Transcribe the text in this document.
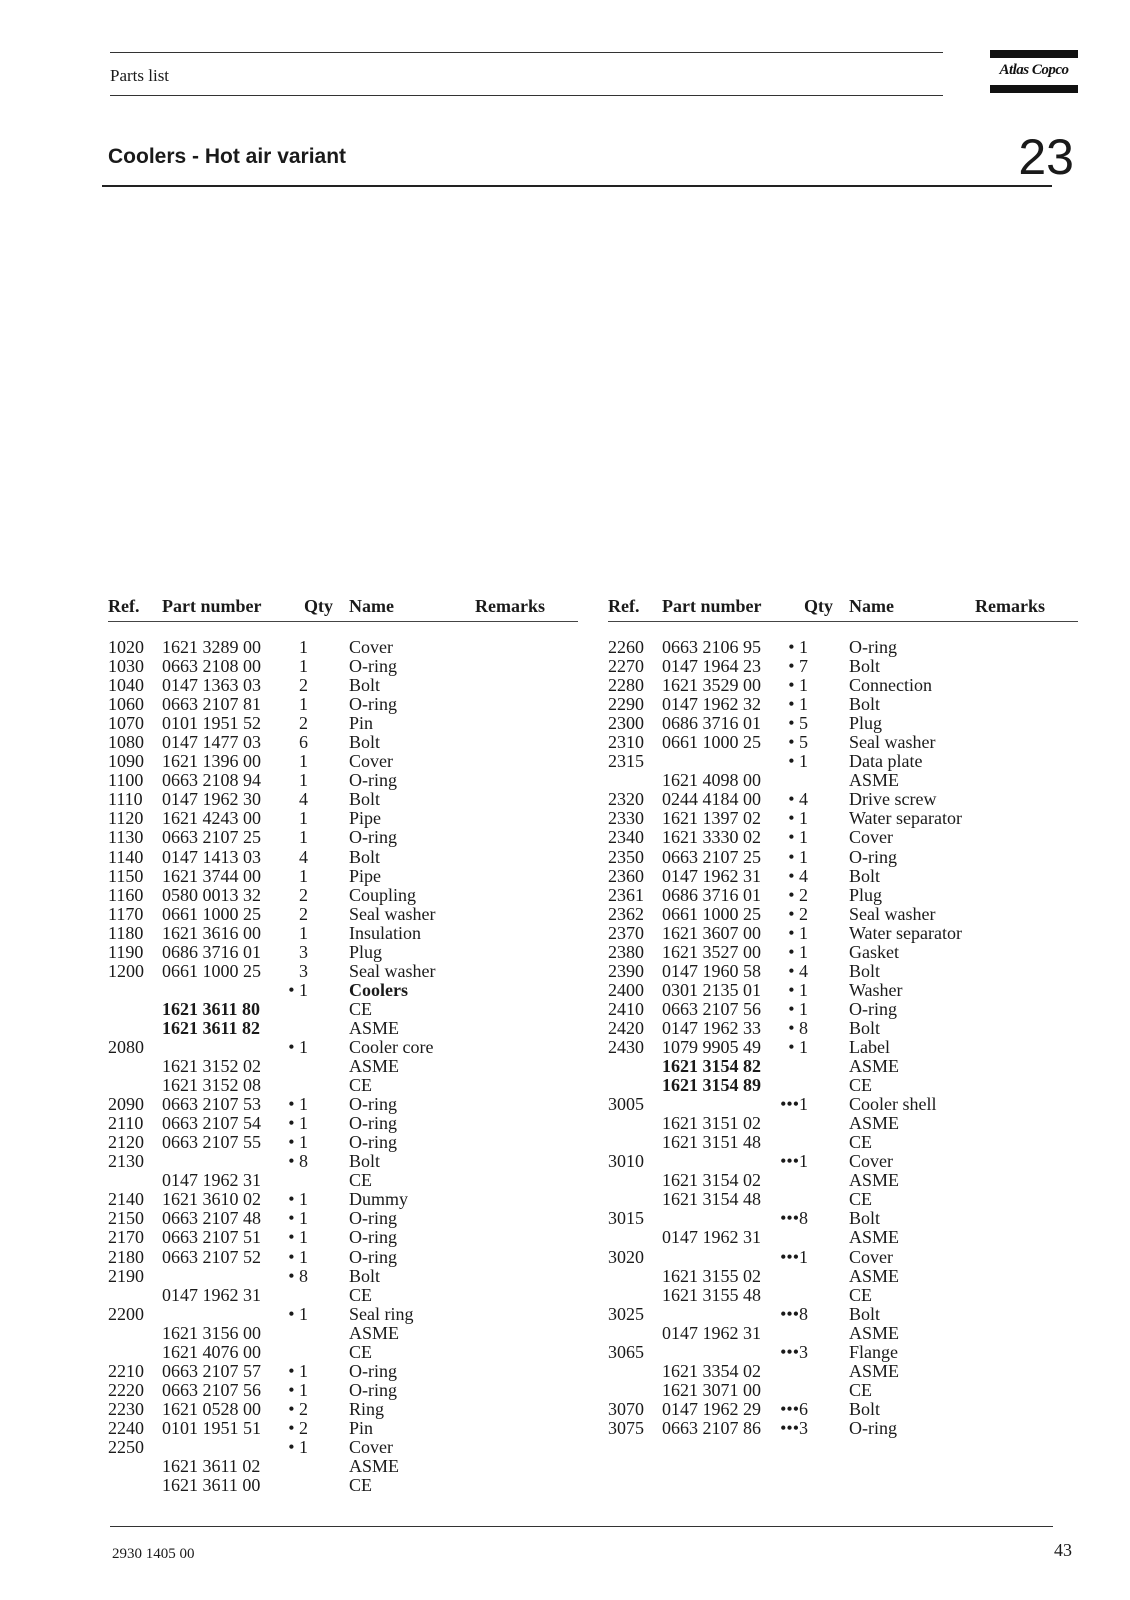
Parts list	Atlas Copco
Coolers - Hot air variant	23
Ref. Part number Qty Name	Remarks
1020 1621 3289 00	1 Cover
1030 0663 2108 00	1 O-ring
1040 0147 1363 03	2 Bolt
1060 0663 2107 81	1 O-ring
1070 0101 1951 52	2 Pin
1080 0147 1477 03	6 Bolt
1090 1621 1396 00	1 Cover
1100 0663 2108 94	1 O-ring
1110 0147 1962 30	4 Bolt
1120 1621 4243 00	1 Pipe
1130 0663 2107 25	1 O-ring
1140 0147 1413 03	4 Bolt
1150 1621 3744 00	1 Pipe
1160 0580 0013 32	2 Coupling
1170 0661 1000 25	2 Seal washer
1180 1621 3616 00	1 Insulation
1190 0686 3716 01	3 Plug
1200 0661 1000 25	3 Seal washer
• 1 Coolers
1621 3611 80	CE
1621 3611 82	ASME
2080	• 1 Cooler core
1621 3152 02	ASME
1621 3152 08	CE
2090 0663 2107 53	• 1 O-ring
2110 0663 2107 54	• 1 O-ring
2120 0663 2107 55	• 1 O-ring
2130	• 8 Bolt
0147 1962 31	CE
2140 1621 3610 02	• 1 Dummy
2150 0663 2107 48	• 1 O-ring
2170 0663 2107 51	• 1 O-ring
2180 0663 2107 52	• 1 O-ring
2190	• 8 Bolt
0147 1962 31	CE
2200	• 1 Seal ring
1621 3156 00	ASME
1621 4076 00	CE
2210 0663 2107 57	• 1 O-ring
2220 0663 2107 56	• 1 O-ring
2230 1621 0528 00	• 2 Ring
2240 0101 1951 51	• 2 Pin
2250	• 1 Cover
1621 3611 02	ASME
1621 3611 00	CE
Ref. Part number Qty Name	Remarks
2260 0663 2106 95	• 1 O-ring
2270 0147 1964 23	• 7 Bolt
2280 1621 3529 00	• 1 Connection
2290 0147 1962 32	• 1 Bolt
2300 0686 3716 01	• 5 Plug
2310 0661 1000 25	• 5 Seal washer
2315	• 1 Data plate
1621 4098 00	ASME
2320 0244 4184 00	• 4 Drive screw
2330 1621 1397 02	• 1 Water separator
2340 1621 3330 02	• 1 Cover
2350 0663 2107 25	• 1 O-ring
2360 0147 1962 31	• 4 Bolt
2361 0686 3716 01	• 2 Plug
2362 0661 1000 25	• 2 Seal washer
2370 1621 3607 00	• 1 Water separator
2380 1621 3527 00	• 1 Gasket
2390 0147 1960 58	• 4 Bolt
2400 0301 2135 01	• 1 Washer
2410 0663 2107 56	• 1 O-ring
2420 0147 1962 33	• 8 Bolt
2430 1079 9905 49	• 1 Label
1621 3154 82	ASME
1621 3154 89	CE
3005	•••1 Cooler shell
1621 3151 02	ASME
1621 3151 48	CE
3010	•••1 Cover
1621 3154 02	ASME
1621 3154 48	CE
3015	•••8 Bolt
0147 1962 31	ASME
3020	•••1 Cover
1621 3155 02	ASME
1621 3155 48	CE
3025	•••8 Bolt
0147 1962 31	ASME
3065	•••3 Flange
1621 3354 02	ASME
1621 3071 00	CE
3070 0147 1962 29	•••6 Bolt
3075 0663 2107 86	•••3 O-ring
2930 1405 00	43
